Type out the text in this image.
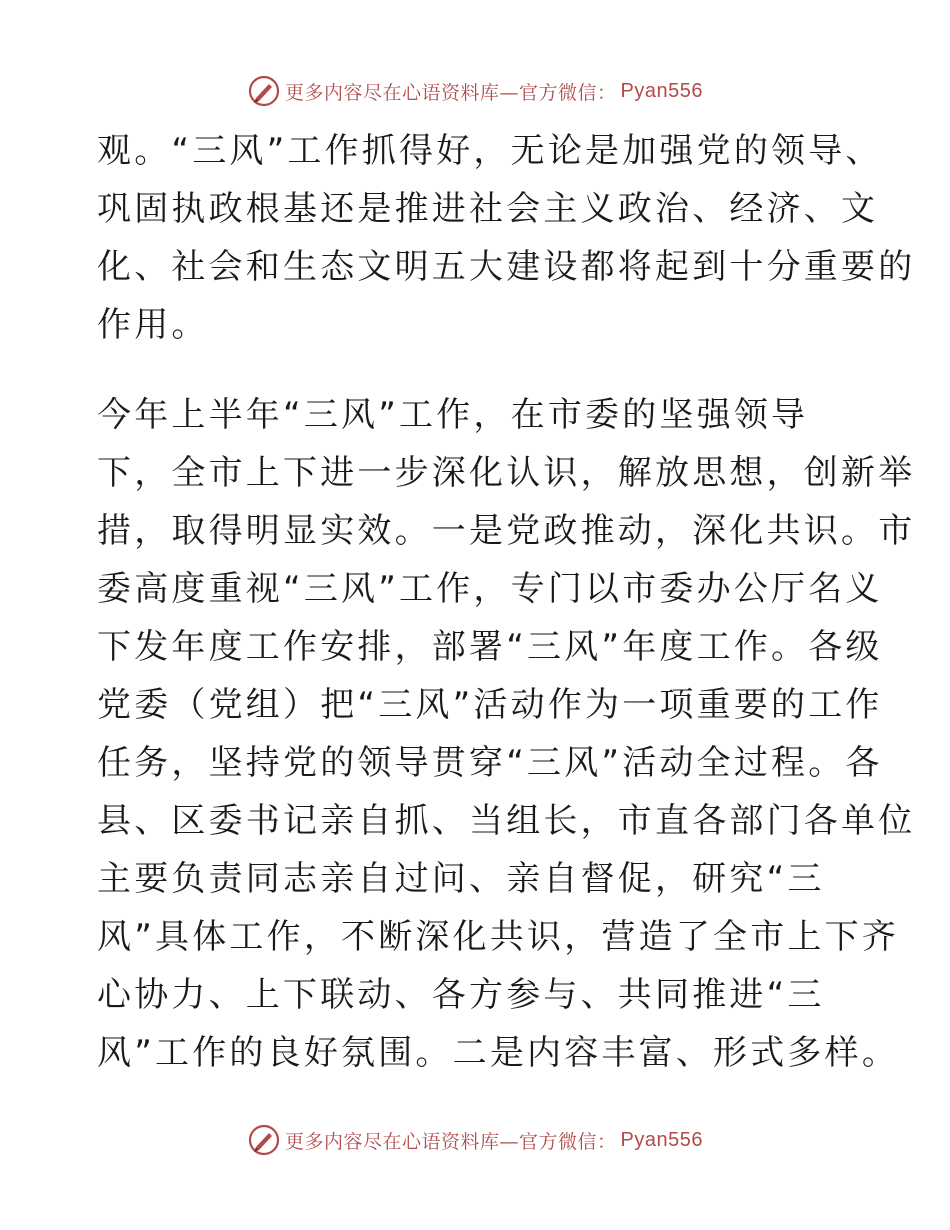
更多内容尽在心语资料库—官方微信： Pyan556
观。“三风”工作抓得好，无论是加强党的领导、
巩固执政根基还是推进社会主义政治、经济、文
化、社会和生态文明五大建设都将起到十分重要的
作用。
今年上半年“三风”工作，在市委的坚强领导
下，全市上下进一步深化认识，解放思想，创新举
措，取得明显实效。一是党政推动，深化共识。市
委高度重视“三风”工作，专门以市委办公厅名义
下发年度工作安排，部署“三风”年度工作。各级
党委（党组）把“三风”活动作为一项重要的工作
任务，坚持党的领导贯穿“三风”活动全过程。各
县、区委书记亲自抓、当组长，市直各部门各单位
主要负责同志亲自过问、亲自督促，研究“三
风”具体工作，不断深化共识，营造了全市上下齐
心协力、上下联动、各方参与、共同推进“三
风”工作的良好氛围。二是内容丰富、形式多样。
更多内容尽在心语资料库—官方微信： Pyan556
